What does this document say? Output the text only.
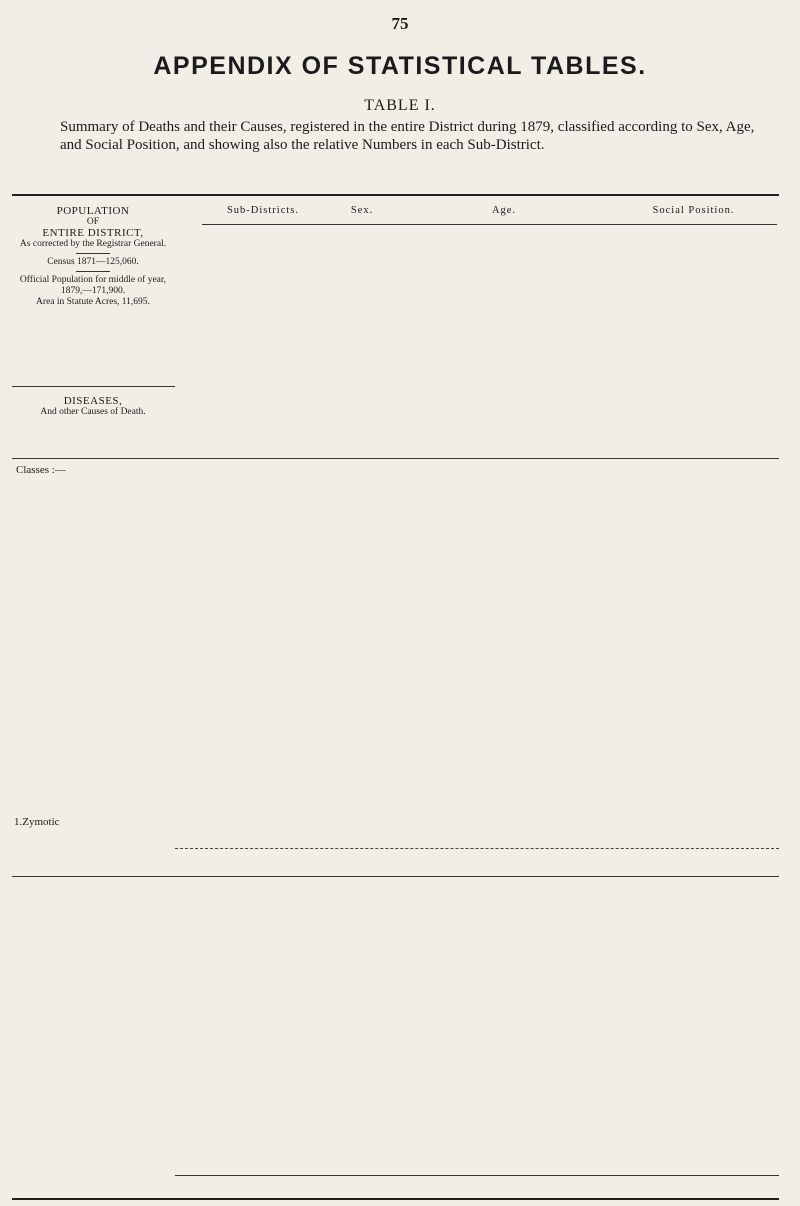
75
APPENDIX OF STATISTICAL TABLES.
TABLE I.
Summary of Deaths and their Causes, registered in the entire District during 1879, classified according to Sex, Age, and Social Position, and showing also the relative Numbers in each Sub-District.
POPULATION
OF
ENTIRE DISTRICT,
As corrected by the Registrar General.
Census 1871—125,060.
Official Population for middle of year, 1879,—171,900.
Area in Statute Acres, 11,695.
DISEASES,
And other Causes of Death.
Sub-Districts.	Sex.	Age.	Social Position.
Classes :—
1.Zymotic
